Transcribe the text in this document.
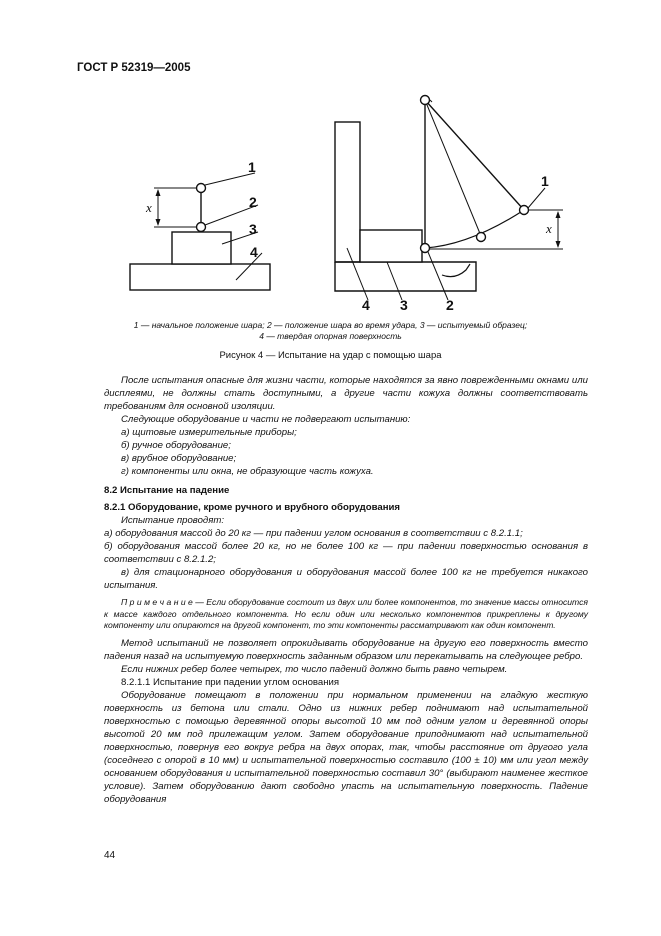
ГОСТ Р 52319—2005
x
1
2
3
4
1
x
4 3	2
1 — начальное положение шара; 2 — положение шара во время удара, 3 — испытуемый образец;
4 — твердая опорная поверхность
Рисунок 4 — Испытание на удар с помощью шара

После испытания опасные для жизни части, которые находятся за явно поврежденными окнами или дисплеями, не должны стать доступными, а другие части кожуха должны соответствовать требованиям для основной изоляции.

Следующие оборудование и части не подвергают испытанию:

а) щитовые измерительные приборы;

б) ручное оборудование;

в) врубное оборудование;

г) компоненты или окна, не образующие часть кожуха.

8.2 Испытание на падение

8.2.1 Оборудование, кроме ручного и врубного оборудования

Испытание проводят:

а) оборудования массой до 20 кг — при падении углом основания в соответствии с 8.2.1.1;

б) оборудования массой более 20 кг, но не более 100 кг — при падении поверхностью основания в соответствии с 8.2.1.2;

в) для стационарного оборудования и оборудования массой более 100 кг не требуется никакого испытания.

П р и м е ч а н и е — Если оборудование состоит из двух или более компонентов, то значение массы относится к массе каждого отдельного компонента. Но если один или несколько компонентов прикреплены к другому компоненту или опираются на другой компонент, то эти компоненты рассматривают как один компонент.

Метод испытаний не позволяет опрокидывать оборудование на другую его поверхность вместо падения назад на испытуемую поверхность заданным образом или перекатывать на следующее ребро.

Если нижних ребер более четырех, то число падений должно быть равно четырем.

8.2.1.1 Испытание при падении углом основания

Оборудование помещают в положении при нормальном применении на гладкую жесткую поверхность из бетона или стали. Одно из нижних ребер поднимают над испытательной поверхностью с помощью деревянной опоры высотой 10 мм под одним углом и деревянной опоры высотой 20 мм под прилежащим углом. Затем оборудование приподнимают над испытательной поверхностью, повернув его вокруг ребра на двух опорах, так, чтобы расстояние от другого угла (соседнего с опорой в 10 мм) и испытательной поверхностью составило (100 ± 10) мм или угол между основанием оборудования и испытательной поверхностью составил 30° (выбирают наименее жесткое условие). Затем оборудованию дают свободно упасть на испытательную поверхность. Падение оборудования

44
